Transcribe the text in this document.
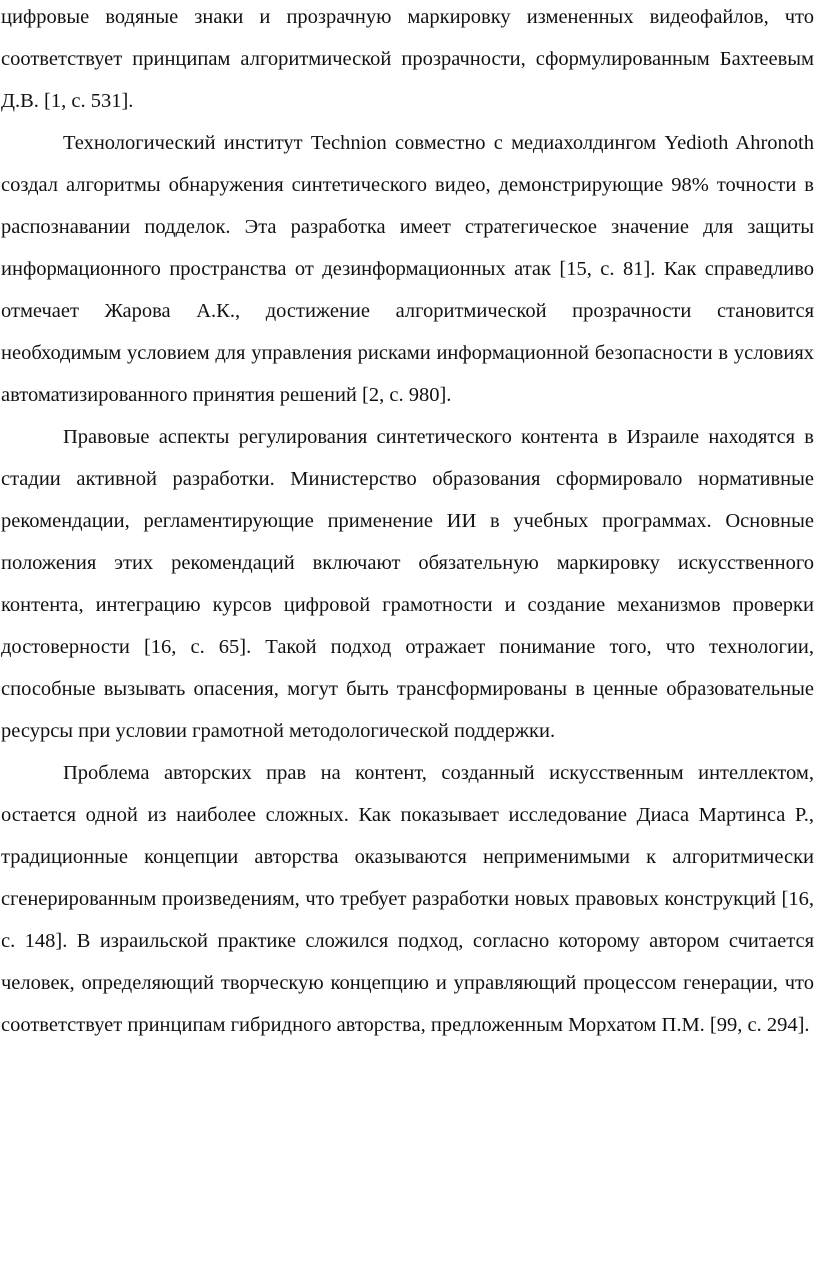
цифровые водяные знаки и прозрачную маркировку измененных видеофайлов, что соответствует принципам алгоритмической прозрачности, сформулированным Бахтеевым Д.В. [1, с. 531].

Технологический институт Technion совместно с медиахолдингом Yedioth Ahronoth создал алгоритмы обнаружения синтетического видео, демонстрирующие 98% точности в распознавании подделок. Эта разработка имеет стратегическое значение для защиты информационного пространства от дезинформационных атак [15, с. 81]. Как справедливо отмечает Жарова А.К., достижение алгоритмической прозрачности становится необходимым условием для управления рисками информационной безопасности в условиях автоматизированного принятия решений [2, с. 980].

Правовые аспекты регулирования синтетического контента в Израиле находятся в стадии активной разработки. Министерство образования сформировало нормативные рекомендации, регламентирующие применение ИИ в учебных программах. Основные положения этих рекомендаций включают обязательную маркировку искусственного контента, интеграцию курсов цифровой грамотности и создание механизмов проверки достоверности [16, с. 65]. Такой подход отражает понимание того, что технологии, способные вызывать опасения, могут быть трансформированы в ценные образовательные ресурсы при условии грамотной методологической поддержки.

Проблема авторских прав на контент, созданный искусственным интеллектом, остается одной из наиболее сложных. Как показывает исследование Диаса Мартинса Р., традиционные концепции авторства оказываются неприменимыми к алгоритмически сгенерированным произведениям, что требует разработки новых правовых конструкций [16, с. 148]. В израильской практике сложился подход, согласно которому автором считается человек, определяющий творческую концепцию и управляющий процессом генерации, что соответствует принципам гибридного авторства, предложенным Морхатом П.М. [99, с. 294].
